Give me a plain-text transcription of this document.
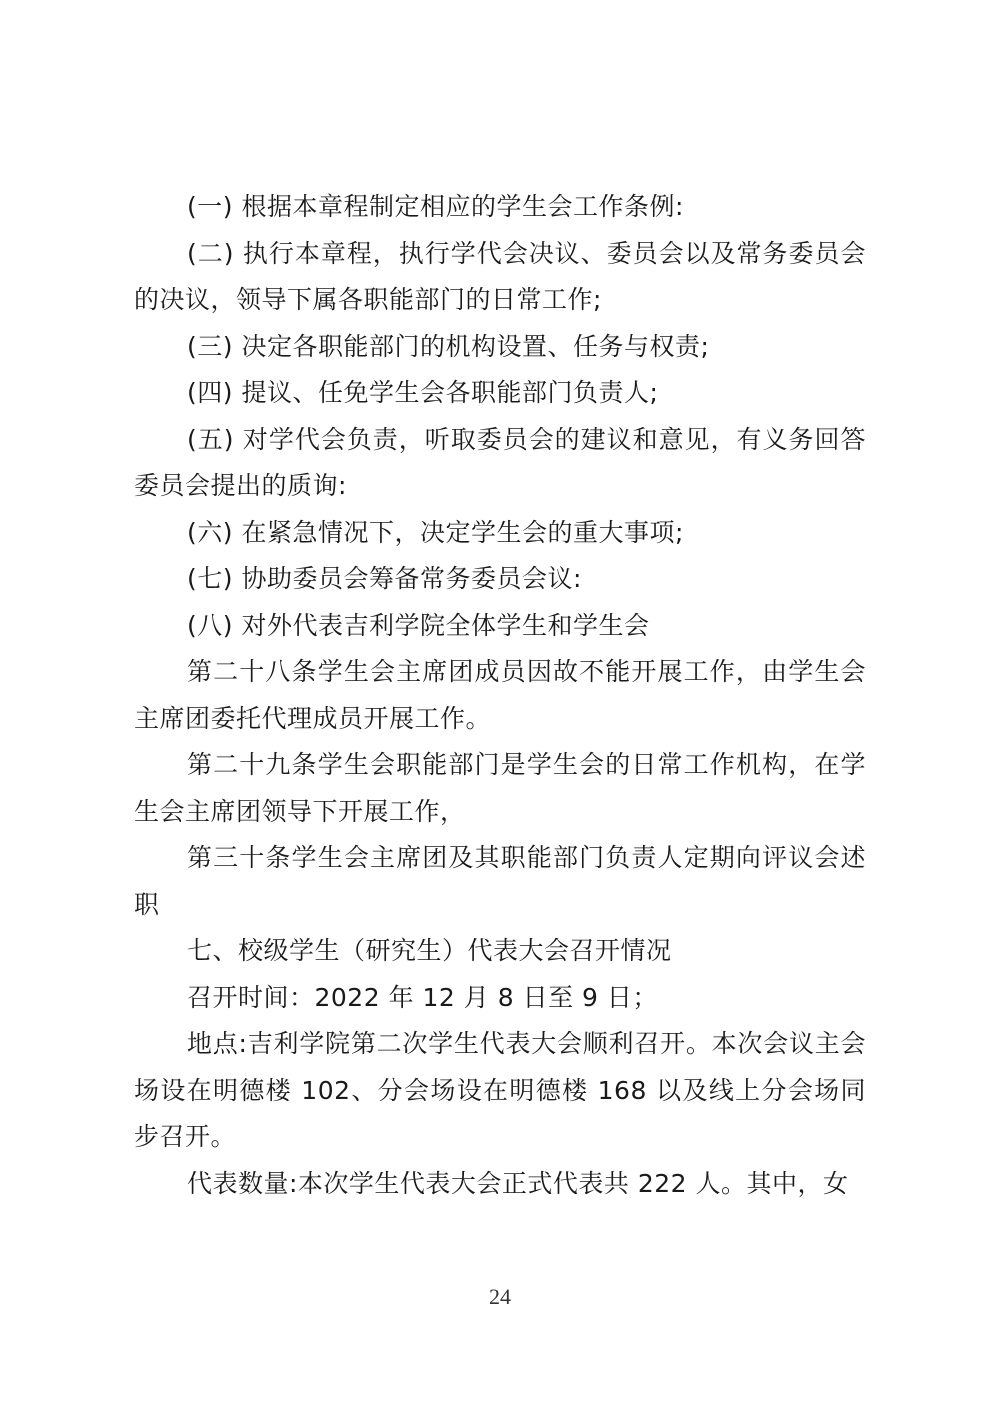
(一) 根据本章程制定相应的学生会工作条例:

(二) 执行本章程，执行学代会决议、委员会以及常务委员会的决议，领导下属各职能部门的日常工作;

(三) 决定各职能部门的机构设置、任务与权责;

(四) 提议、任免学生会各职能部门负责人;

(五) 对学代会负责，听取委员会的建议和意见，有义务回答委员会提出的质询:

(六) 在紧急情况下，决定学生会的重大事项;

(七) 协助委员会筹备常务委员会议:

(八) 对外代表吉利学院全体学生和学生会

第二十八条学生会主席团成员因故不能开展工作，由学生会主席团委托代理成员开展工作。

第二十九条学生会职能部门是学生会的日常工作机构，在学生会主席团领导下开展工作，

第三十条学生会主席团及其职能部门负责人定期向评议会述职

七、校级学生（研究生）代表大会召开情况

召开时间：2022 年 12 月 8 日至 9 日；

地点:吉利学院第二次学生代表大会顺利召开。本次会议主会场设在明德楼 102、分会场设在明德楼 168 以及线上分会场同步召开。

代表数量:本次学生代表大会正式代表共 222 人。其中，女

24
